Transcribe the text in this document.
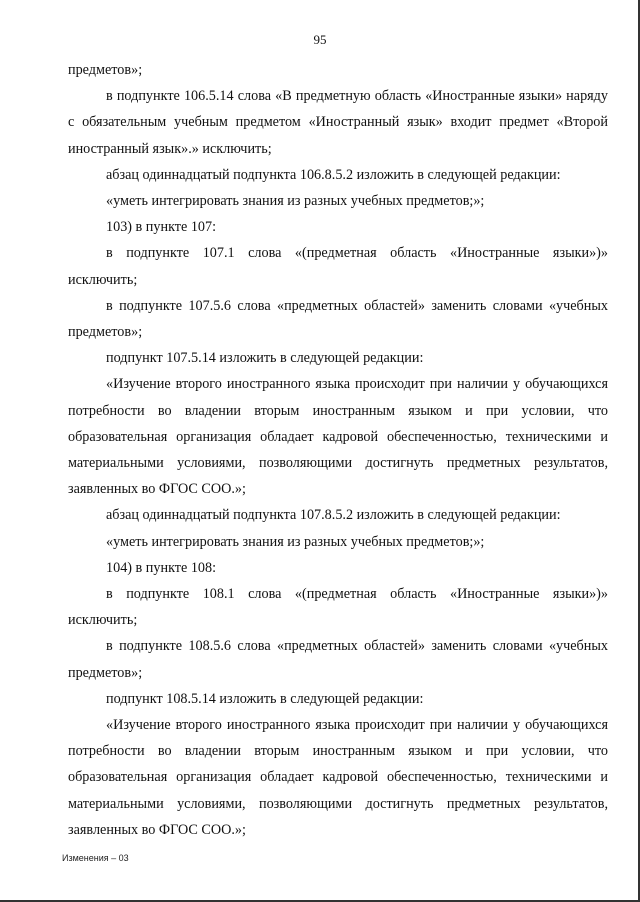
95

предметов»;

в подпункте 106.5.14 слова «В предметную область «Иностранные языки» наряду с обязательным учебным предметом «Иностранный язык» входит предмет «Второй иностранный язык».» исключить;

абзац одиннадцатый подпункта 106.8.5.2 изложить в следующей редакции:

«уметь интегрировать знания из разных учебных предметов;»;

103) в пункте 107:

в подпункте 107.1 слова «(предметная область «Иностранные языки»)» исключить;

в подпункте 107.5.6 слова «предметных областей» заменить словами «учебных предметов»;

подпункт 107.5.14 изложить в следующей редакции:

«Изучение второго иностранного языка происходит при наличии у обучающихся потребности во владении вторым иностранным языком и при условии, что образовательная организация обладает кадровой обеспеченностью, техническими и материальными условиями, позволяющими достигнуть предметных результатов, заявленных во ФГОС СОО.»;

абзац одиннадцатый подпункта 107.8.5.2 изложить в следующей редакции:

«уметь интегрировать знания из разных учебных предметов;»;

104) в пункте 108:

в подпункте 108.1 слова «(предметная область «Иностранные языки»)» исключить;

в подпункте 108.5.6 слова «предметных областей» заменить словами «учебных предметов»;

подпункт 108.5.14 изложить в следующей редакции:

«Изучение второго иностранного языка происходит при наличии у обучающихся потребности во владении вторым иностранным языком и при условии, что образовательная организация обладает кадровой обеспеченностью, техническими и материальными условиями, позволяющими достигнуть предметных результатов, заявленных во ФГОС СОО.»;

Изменения – 03
